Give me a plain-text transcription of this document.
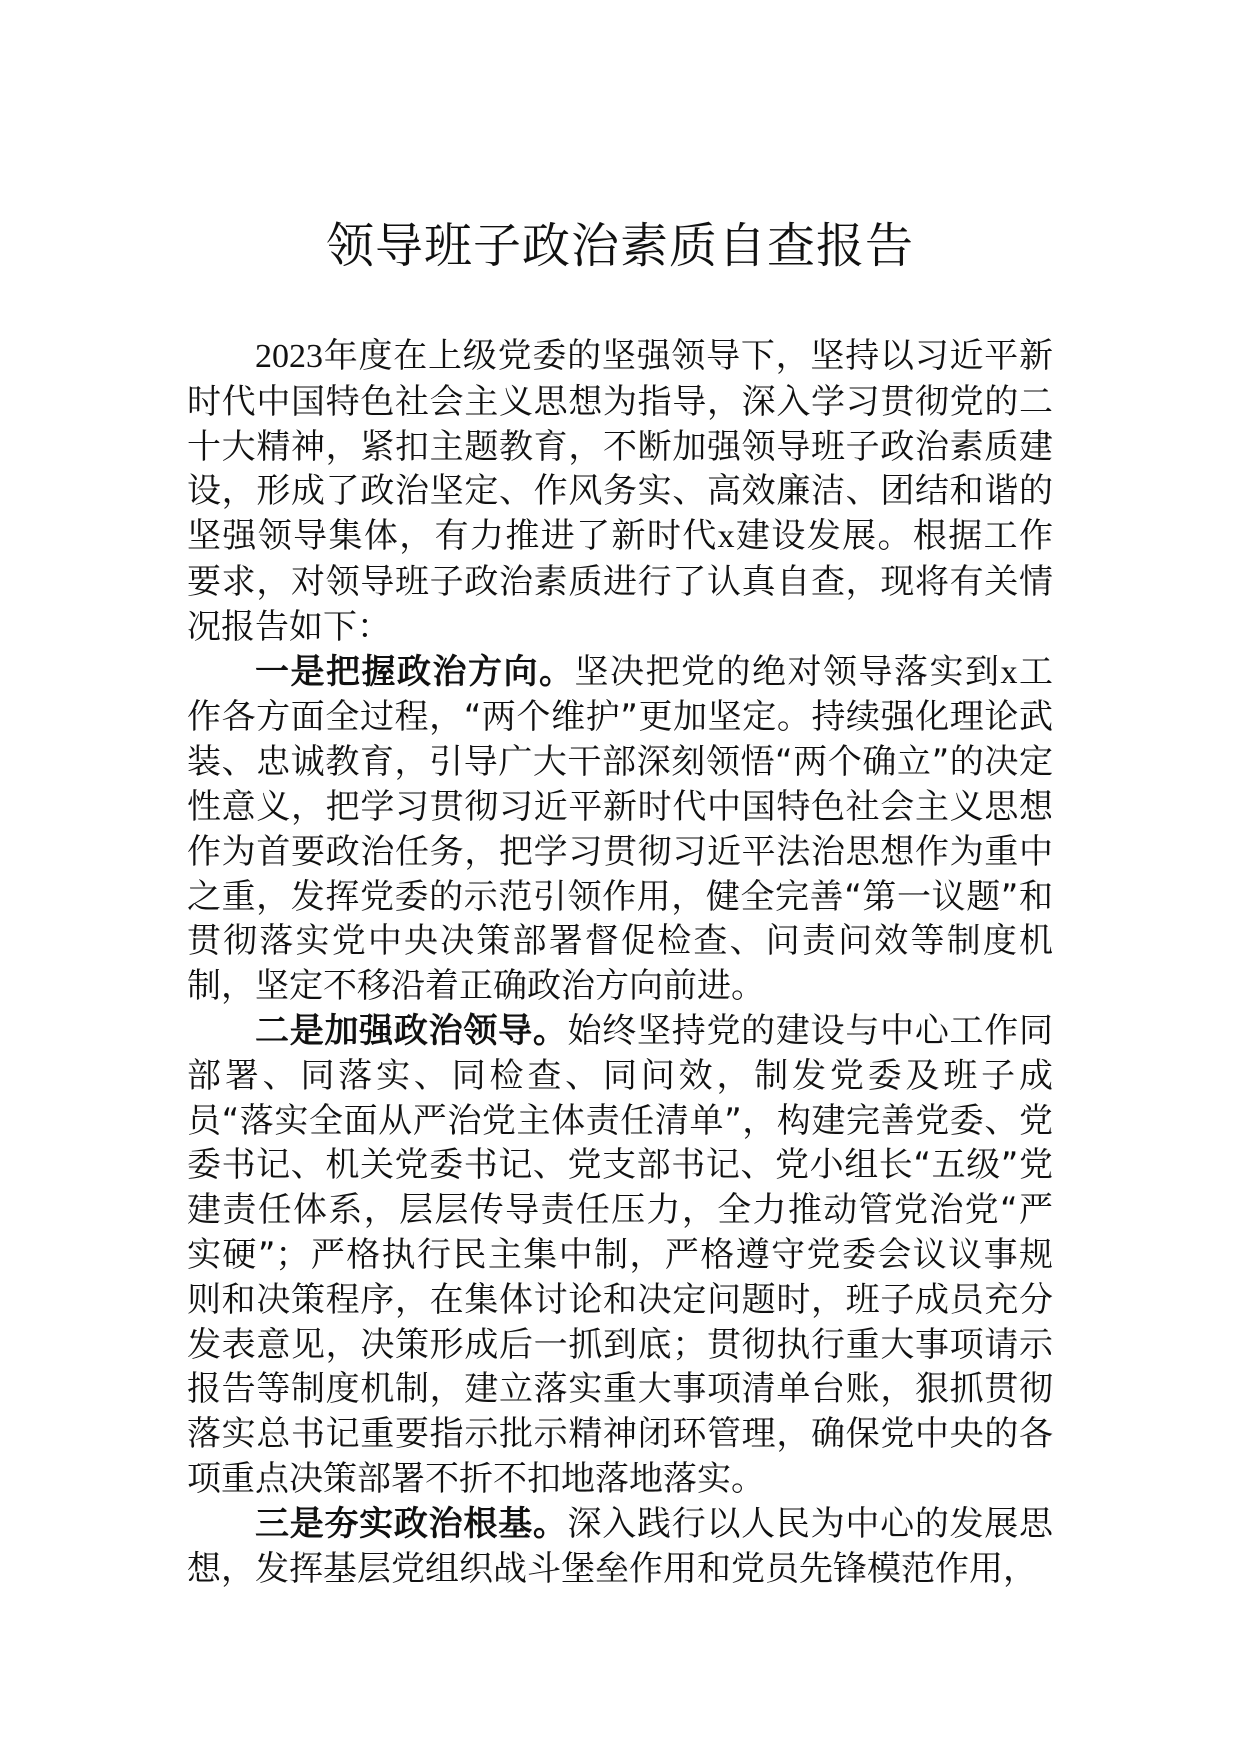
领导班子政治素质自查报告

2023年度在上级党委的坚强领导下，坚持以习近平新时代中国特色社会主义思想为指导，深入学习贯彻党的二十大精神，紧扣主题教育，不断加强领导班子政治素质建设，形成了政治坚定、作风务实、高效廉洁、团结和谐的坚强领导集体，有力推进了新时代x建设发展。根据工作要求，对领导班子政治素质进行了认真自查，现将有关情况报告如下：

一是把握政治方向。坚决把党的绝对领导落实到x工作各方面全过程，“两个维护”更加坚定。持续强化理论武装、忠诚教育，引导广大干部深刻领悟“两个确立”的决定性意义，把学习贯彻习近平新时代中国特色社会主义思想作为首要政治任务，把学习贯彻习近平法治思想作为重中之重，发挥党委的示范引领作用，健全完善“第一议题”和贯彻落实党中央决策部署督促检查、问责问效等制度机制，坚定不移沿着正确政治方向前进。

二是加强政治领导。始终坚持党的建设与中心工作同部署、同落实、同检查、同问效，制发党委及班子成员“落实全面从严治党主体责任清单”，构建完善党委、党委书记、机关党委书记、党支部书记、党小组长“五级”党建责任体系，层层传导责任压力，全力推动管党治党“严实硬”；严格执行民主集中制，严格遵守党委会议议事规则和决策程序，在集体讨论和决定问题时，班子成员充分发表意见，决策形成后一抓到底；贯彻执行重大事项请示报告等制度机制，建立落实重大事项清单台账，狠抓贯彻落实总书记重要指示批示精神闭环管理，确保党中央的各项重点决策部署不折不扣地落地落实。

三是夯实政治根基。深入践行以人民为中心的发展思想，发挥基层党组织战斗堡垒作用和党员先锋模范作用，
